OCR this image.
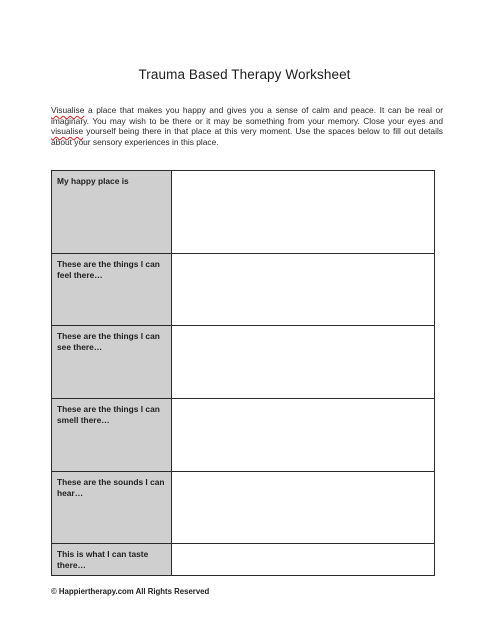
Trauma Based Therapy Worksheet
Visualise a place that makes you happy and gives you a sense of calm and peace. It can be real or imaginary. You may wish to be there or it may be something from your memory. Close your eyes and visualise yourself being there in that place at this very moment. Use the spaces below to fill out details about your sensory experiences in this place.
My happy place is	

These are the things I can feel there…	

These are the things I can see there…	

These are the things I can smell there…	

These are the sounds I can hear…	

This is what I can taste there…	

© Happiertherapy.com All Rights Reserved
